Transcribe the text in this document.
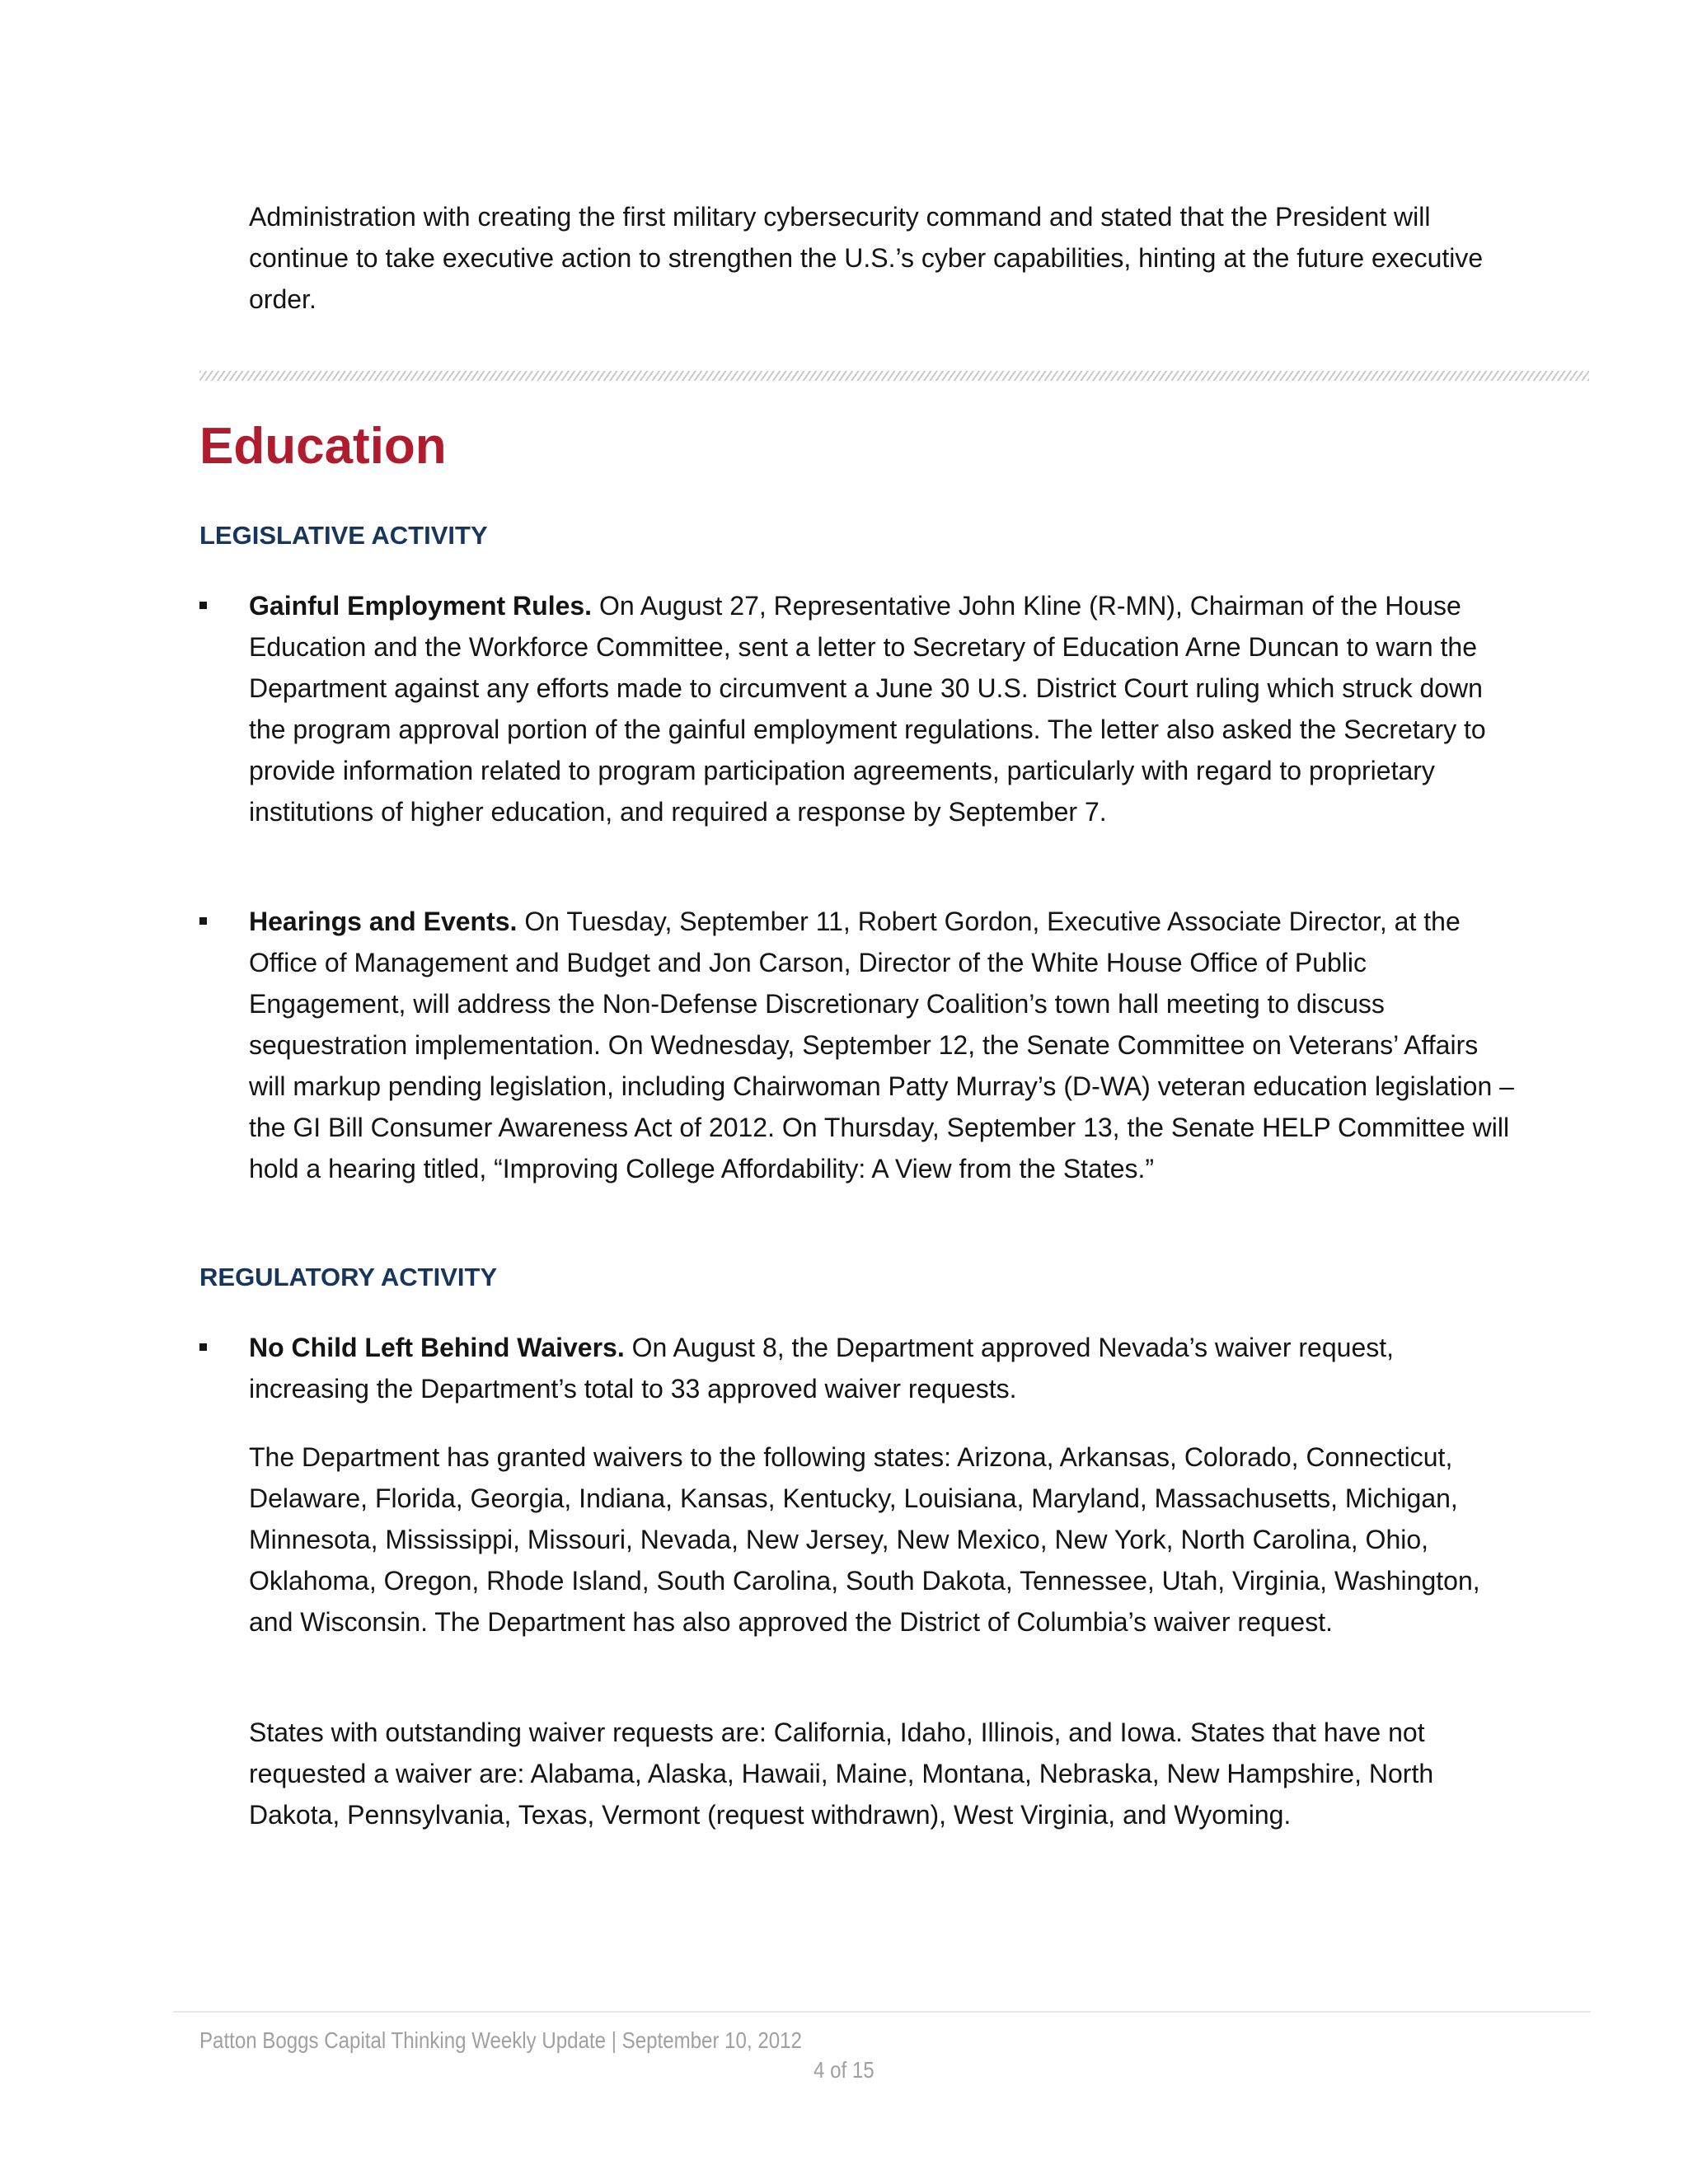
Administration with creating the first military cybersecurity command and stated that the President will continue to take executive action to strengthen the U.S.’s cyber capabilities, hinting at the future executive order.

Education
LEGISLATIVE ACTIVITY

Gainful Employment Rules. On August 27, Representative John Kline (R-MN), Chairman of the House Education and the Workforce Committee, sent a letter to Secretary of Education Arne Duncan to warn the Department against any efforts made to circumvent a June 30 U.S. District Court ruling which struck down the program approval portion of the gainful employment regulations. The letter also asked the Secretary to provide information related to program participation agreements, particularly with regard to proprietary institutions of higher education, and required a response by September 7.

Hearings and Events. On Tuesday, September 11, Robert Gordon, Executive Associate Director, at the Office of Management and Budget and Jon Carson, Director of the White House Office of Public Engagement, will address the Non-Defense Discretionary Coalition’s town hall meeting to discuss sequestration implementation. On Wednesday, September 12, the Senate Committee on Veterans’ Affairs will markup pending legislation, including Chairwoman Patty Murray’s (D-WA) veteran education legislation – the GI Bill Consumer Awareness Act of 2012. On Thursday, September 13, the Senate HELP Committee will hold a hearing titled, “Improving College Affordability: A View from the States.”

REGULATORY ACTIVITY

No Child Left Behind Waivers. On August 8, the Department approved Nevada’s waiver request, increasing the Department’s total to 33 approved waiver requests.

The Department has granted waivers to the following states: Arizona, Arkansas, Colorado, Connecticut, Delaware, Florida, Georgia, Indiana, Kansas, Kentucky, Louisiana, Maryland, Massachusetts, Michigan, Minnesota, Mississippi, Missouri, Nevada, New Jersey, New Mexico, New York, North Carolina, Ohio, Oklahoma, Oregon, Rhode Island, South Carolina, South Dakota, Tennessee, Utah, Virginia, Washington, and Wisconsin. The Department has also approved the District of Columbia’s waiver request.

States with outstanding waiver requests are: California, Idaho, Illinois, and Iowa. States that have not requested a waiver are: Alabama, Alaska, Hawaii, Maine, Montana, Nebraska, New Hampshire, North Dakota, Pennsylvania, Texas, Vermont (request withdrawn), West Virginia, and Wyoming.

Patton Boggs Capital Thinking Weekly Update | September 10, 2012

4 of 15
